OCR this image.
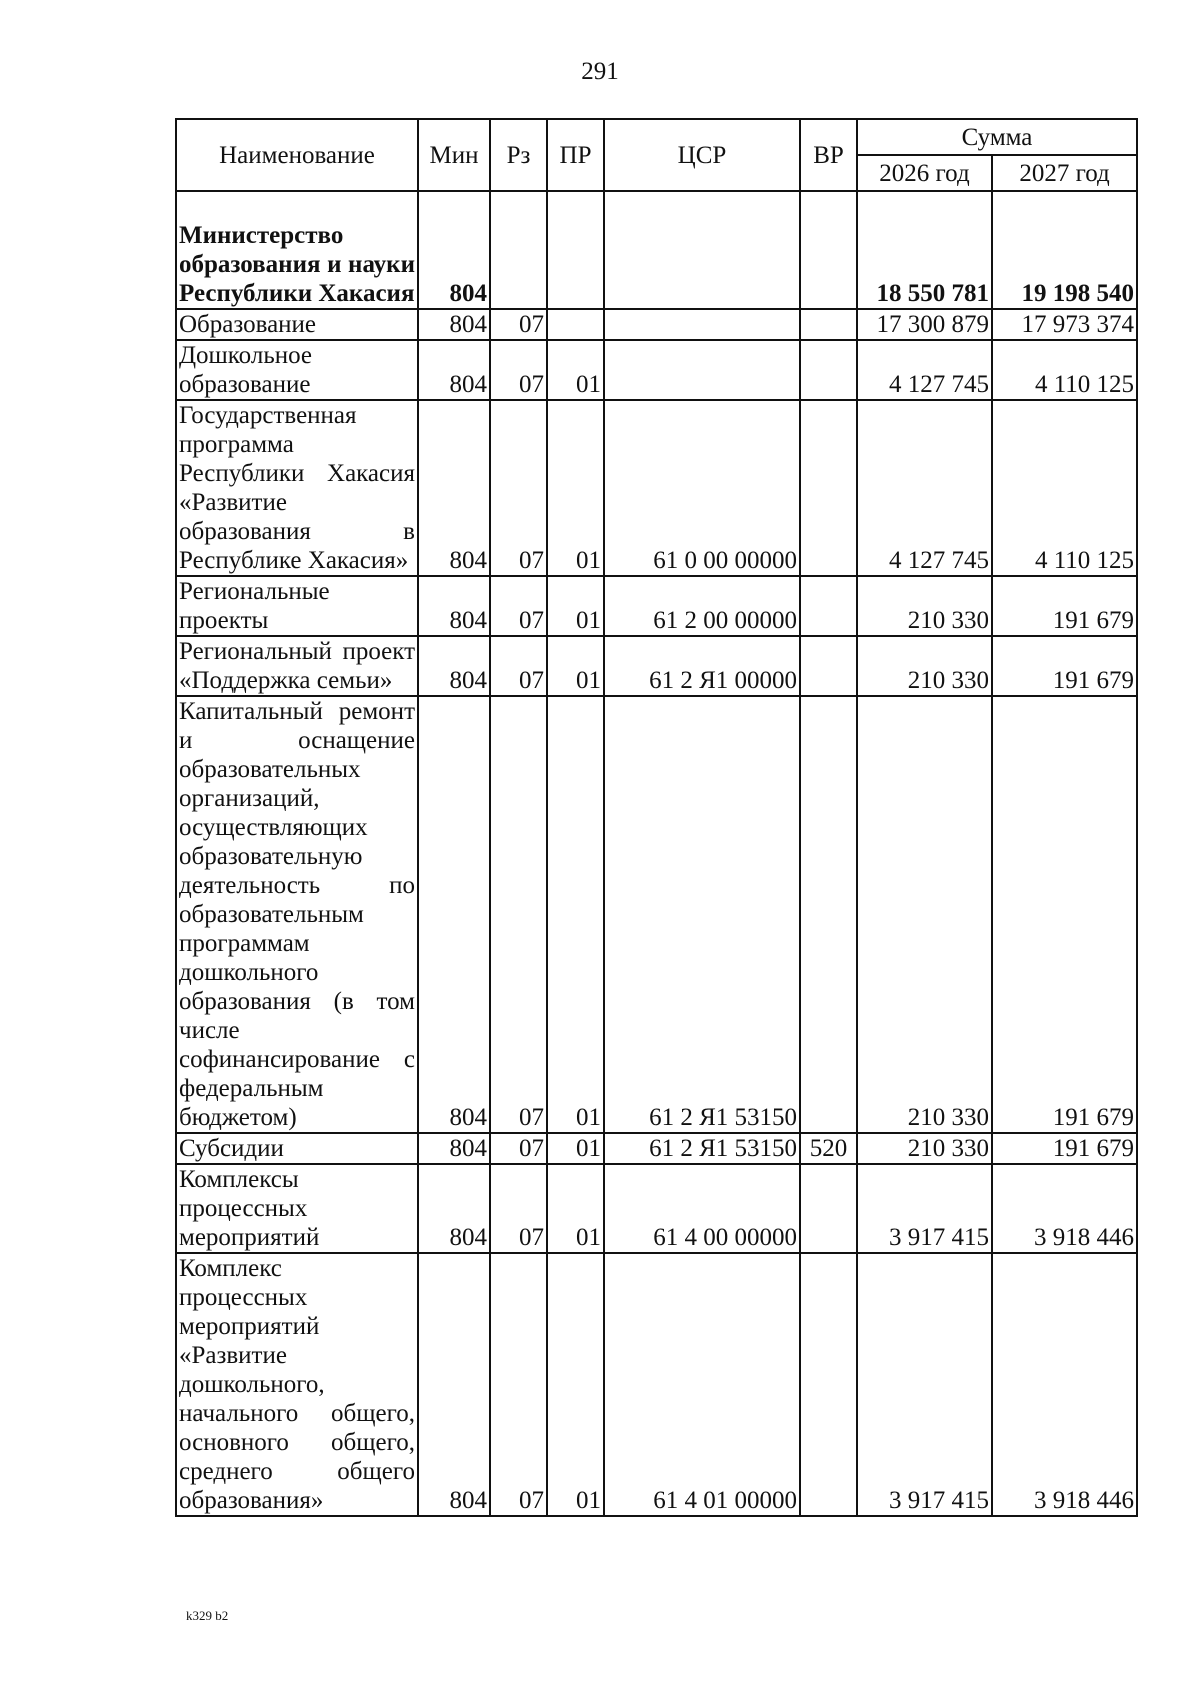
291
Наименование	Мин	Рз	ПР	ЦСР	ВР	Сумма	
						2026 год	2027 год
Министерство образования и науки Республики Хакасия	804					18 550 781	19 198 540
Образование	804	07				17 300 879	17 973 374
Дошкольное образование	804	07	01			4 127 745	4 110 125
Государственная программа Республики Хакасия «Развитие образования в Республике Хакасия»	804	07	01	61 0 00 00000		4 127 745	4 110 125
Региональные проекты	804	07	01	61 2 00 00000		210 330	191 679
Региональный проект «Поддержка семьи»	804	07	01	61 2 Я1 00000		210 330	191 679
Капитальный ремонт и оснащение образовательных организаций, осуществляющих образовательную деятельность по образовательным программам дошкольного образования (в том числе софинансирование с федеральным бюджетом)	804	07	01	61 2 Я1 53150		210 330	191 679
Субсидии	804	07	01	61 2 Я1 53150	520	210 330	191 679
Комплексы процессных мероприятий	804	07	01	61 4 00 00000		3 917 415	3 918 446
Комплекс процессных мероприятий «Развитие дошкольного, начального общего, основного общего, среднего общего образования»	804	07	01	61 4 01 00000		3 917 415	3 918 446
k329 b2
